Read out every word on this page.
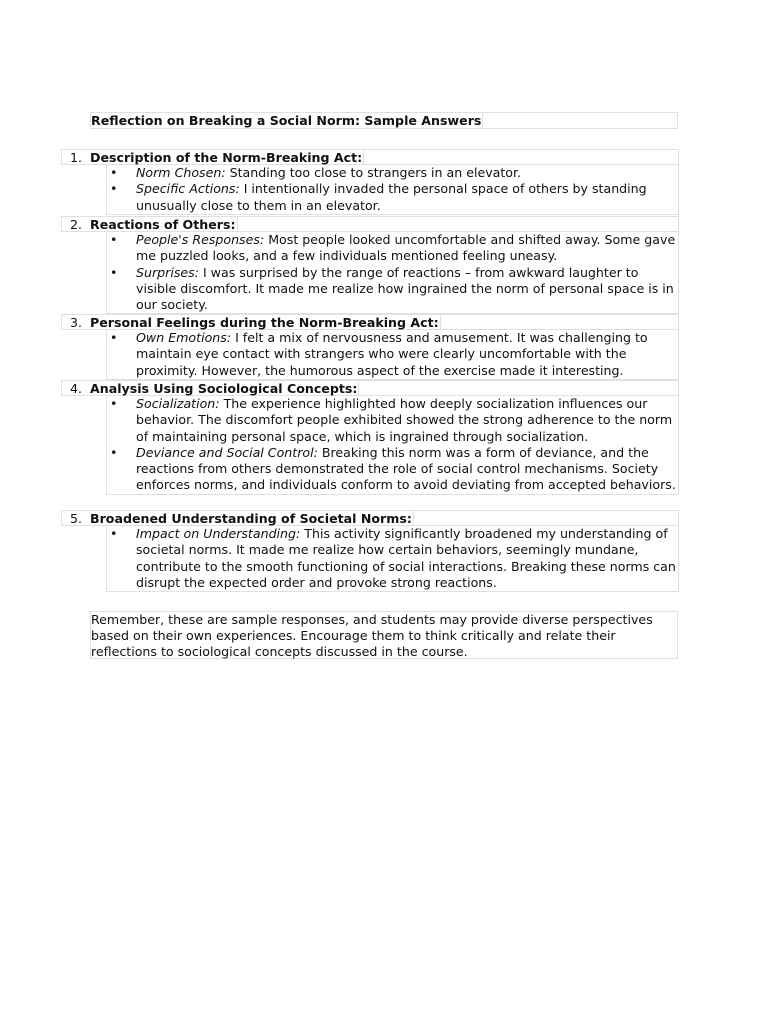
Reflection on Breaking a Social Norm: Sample Answers
1. Description of the Norm-Breaking Act:
• Norm Chosen: Standing too close to strangers in an elevator.
• Specific Actions: I intentionally invaded the personal space of others by standing unusually close to them in an elevator.
2. Reactions of Others:
• People's Responses: Most people looked uncomfortable and shifted away. Some gave me puzzled looks, and a few individuals mentioned feeling uneasy.
• Surprises: I was surprised by the range of reactions – from awkward laughter to visible discomfort. It made me realize how ingrained the norm of personal space is in our society.
3. Personal Feelings during the Norm-Breaking Act:
• Own Emotions: I felt a mix of nervousness and amusement. It was challenging to maintain eye contact with strangers who were clearly uncomfortable with the proximity. However, the humorous aspect of the exercise made it interesting.
4. Analysis Using Sociological Concepts:
• Socialization: The experience highlighted how deeply socialization influences our behavior. The discomfort people exhibited showed the strong adherence to the norm of maintaining personal space, which is ingrained through socialization.
• Deviance and Social Control: Breaking this norm was a form of deviance, and the reactions from others demonstrated the role of social control mechanisms. Society enforces norms, and individuals conform to avoid deviating from accepted behaviors.
5. Broadened Understanding of Societal Norms:
• Impact on Understanding: This activity significantly broadened my understanding of societal norms. It made me realize how certain behaviors, seemingly mundane, contribute to the smooth functioning of social interactions. Breaking these norms can disrupt the expected order and provoke strong reactions.
Remember, these are sample responses, and students may provide diverse perspectives based on their own experiences. Encourage them to think critically and relate their reflections to sociological concepts discussed in the course.
